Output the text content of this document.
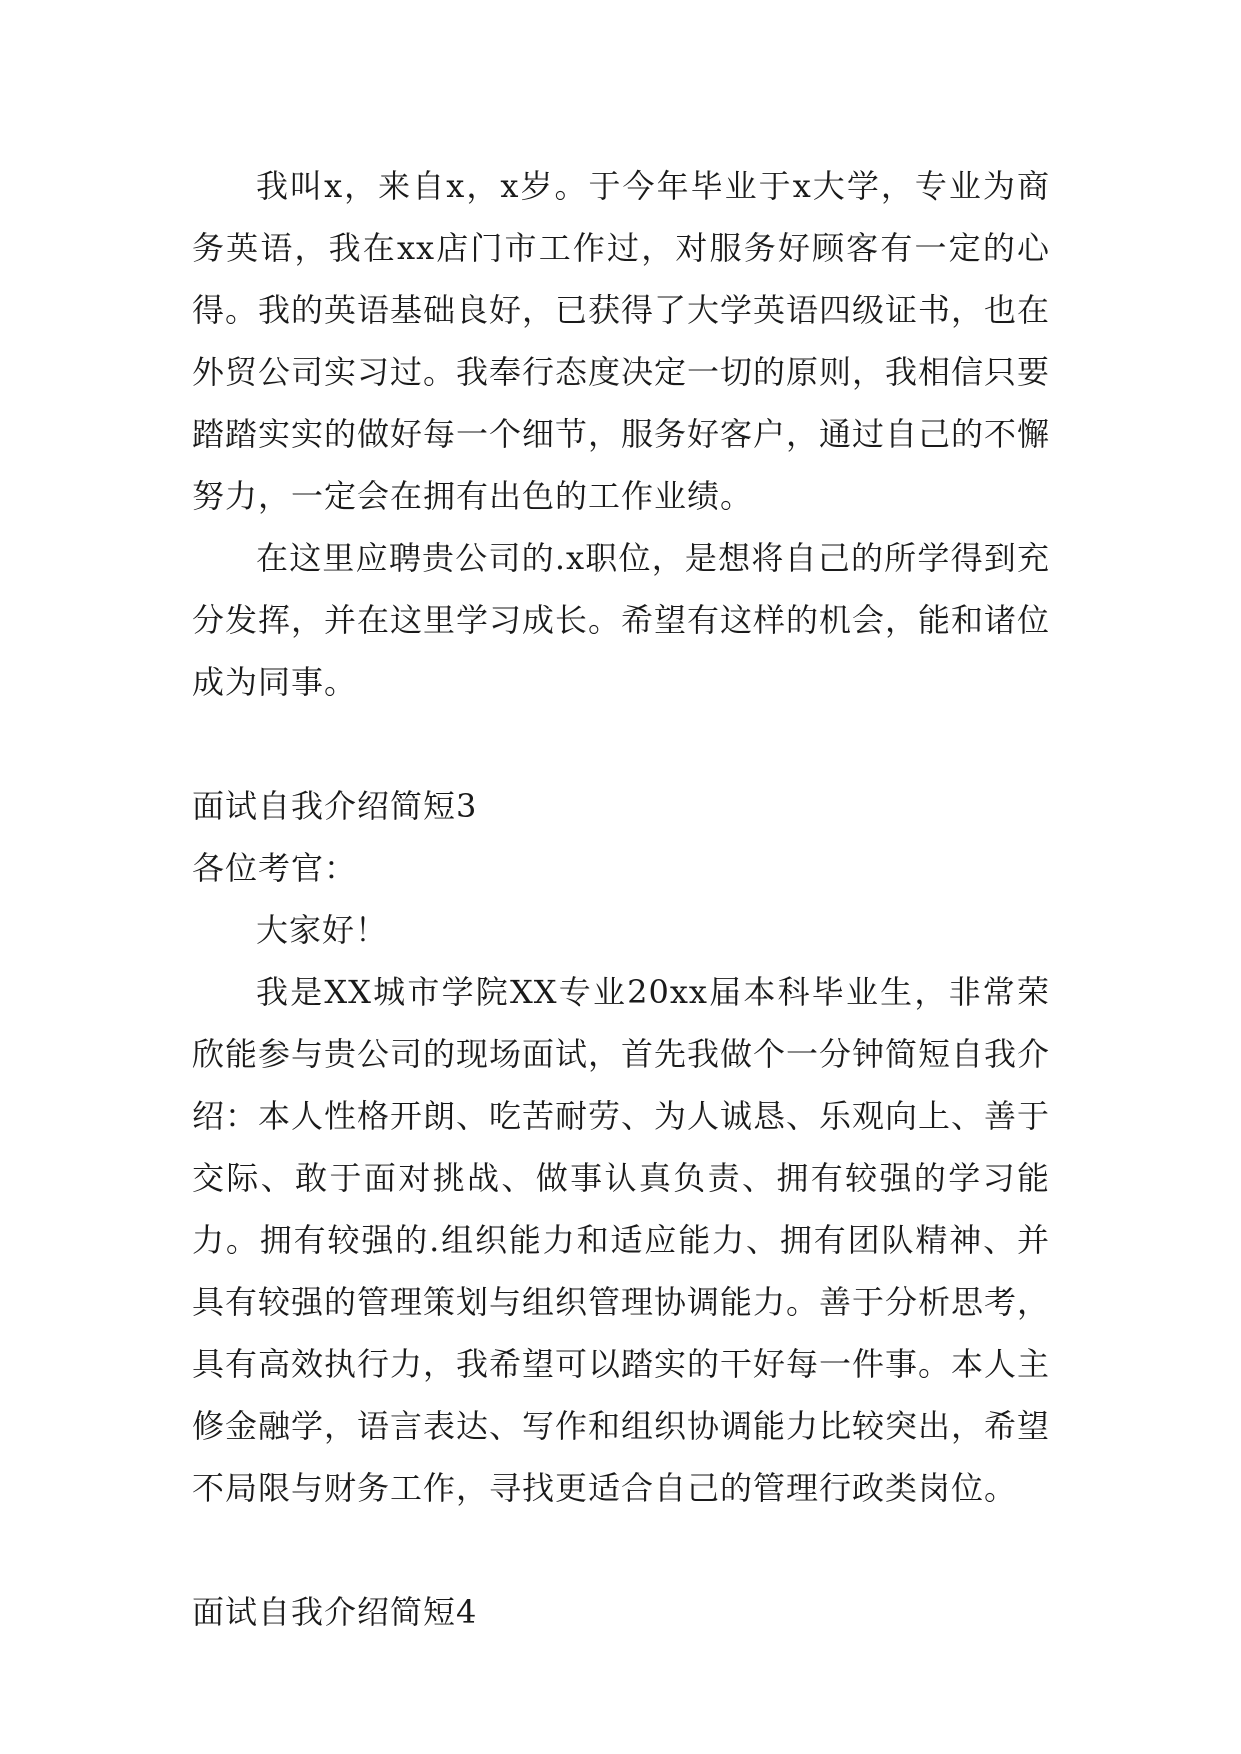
我叫x，来自x，x岁。于今年毕业于x大学，专业为商务英语，我在xx店门市工作过，对服务好顾客有一定的心得。我的英语基础良好，已获得了大学英语四级证书，也在外贸公司实习过。我奉行态度决定一切的原则，我相信只要踏踏实实的做好每一个细节，服务好客户，通过自己的不懈努力，一定会在拥有出色的工作业绩。

在这里应聘贵公司的.x职位，是想将自己的所学得到充分发挥，并在这里学习成长。希望有这样的机会，能和诸位成为同事。

面试自我介绍简短3

各位考官：

大家好！

我是XX城市学院XX专业20xx届本科毕业生，非常荣欣能参与贵公司的现场面试，首先我做个一分钟简短自我介绍：本人性格开朗、吃苦耐劳、为人诚恳、乐观向上、善于交际、敢于面对挑战、做事认真负责、拥有较强的学习能力。拥有较强的.组织能力和适应能力、拥有团队精神、并具有较强的管理策划与组织管理协调能力。善于分析思考，具有高效执行力，我希望可以踏实的干好每一件事。本人主修金融学，语言表达、写作和组织协调能力比较突出，希望不局限与财务工作，寻找更适合自己的管理行政类岗位。

面试自我介绍简短4
